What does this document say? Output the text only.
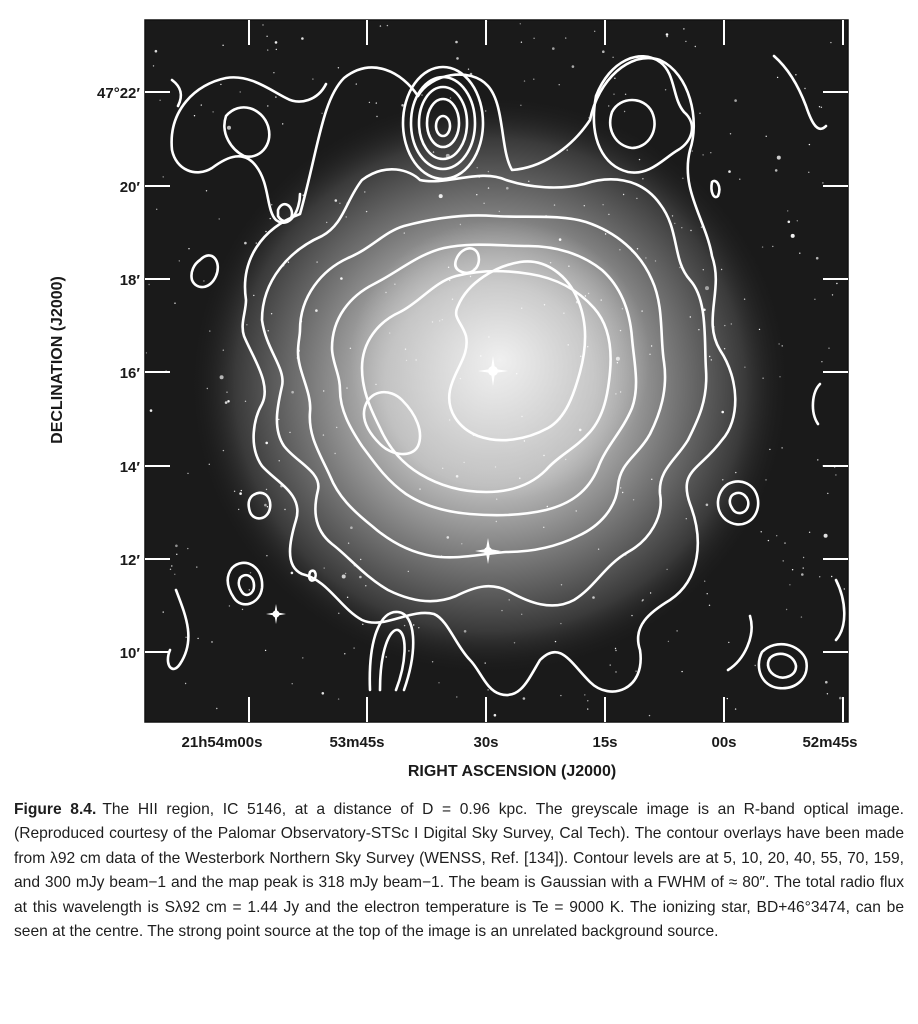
47°22′
20′
18′
16′
14′
12′
10′
21h54m00s	53m45s	30s	15s	00s	52m45s
RIGHT ASCENSION (J2000)
DECLINATION (J2000)
Figure 8.4. The HII region, IC 5146, at a distance of D = 0.96 kpc. The greyscale image is an R-band optical image. (Reproduced courtesy of the Palomar Observatory-STSc I Digital Sky Survey, Cal Tech). The contour overlays have been made from λ92 cm data of the Westerbork Northern Sky Survey (WENSS, Ref. [134]). Contour levels are at 5, 10, 20, 40, 55, 70, 159, and 300 mJy beam−1 and the map peak is 318 mJy beam−1. The beam is Gaussian with a FWHM of ≈ 80″. The total radio flux at this wavelength is Sλ92 cm = 1.44 Jy and the electron temperature is Te = 9000 K. The ionizing star, BD+46°3474, can be seen at the centre. The strong point source at the top of the image is an unrelated background source.
